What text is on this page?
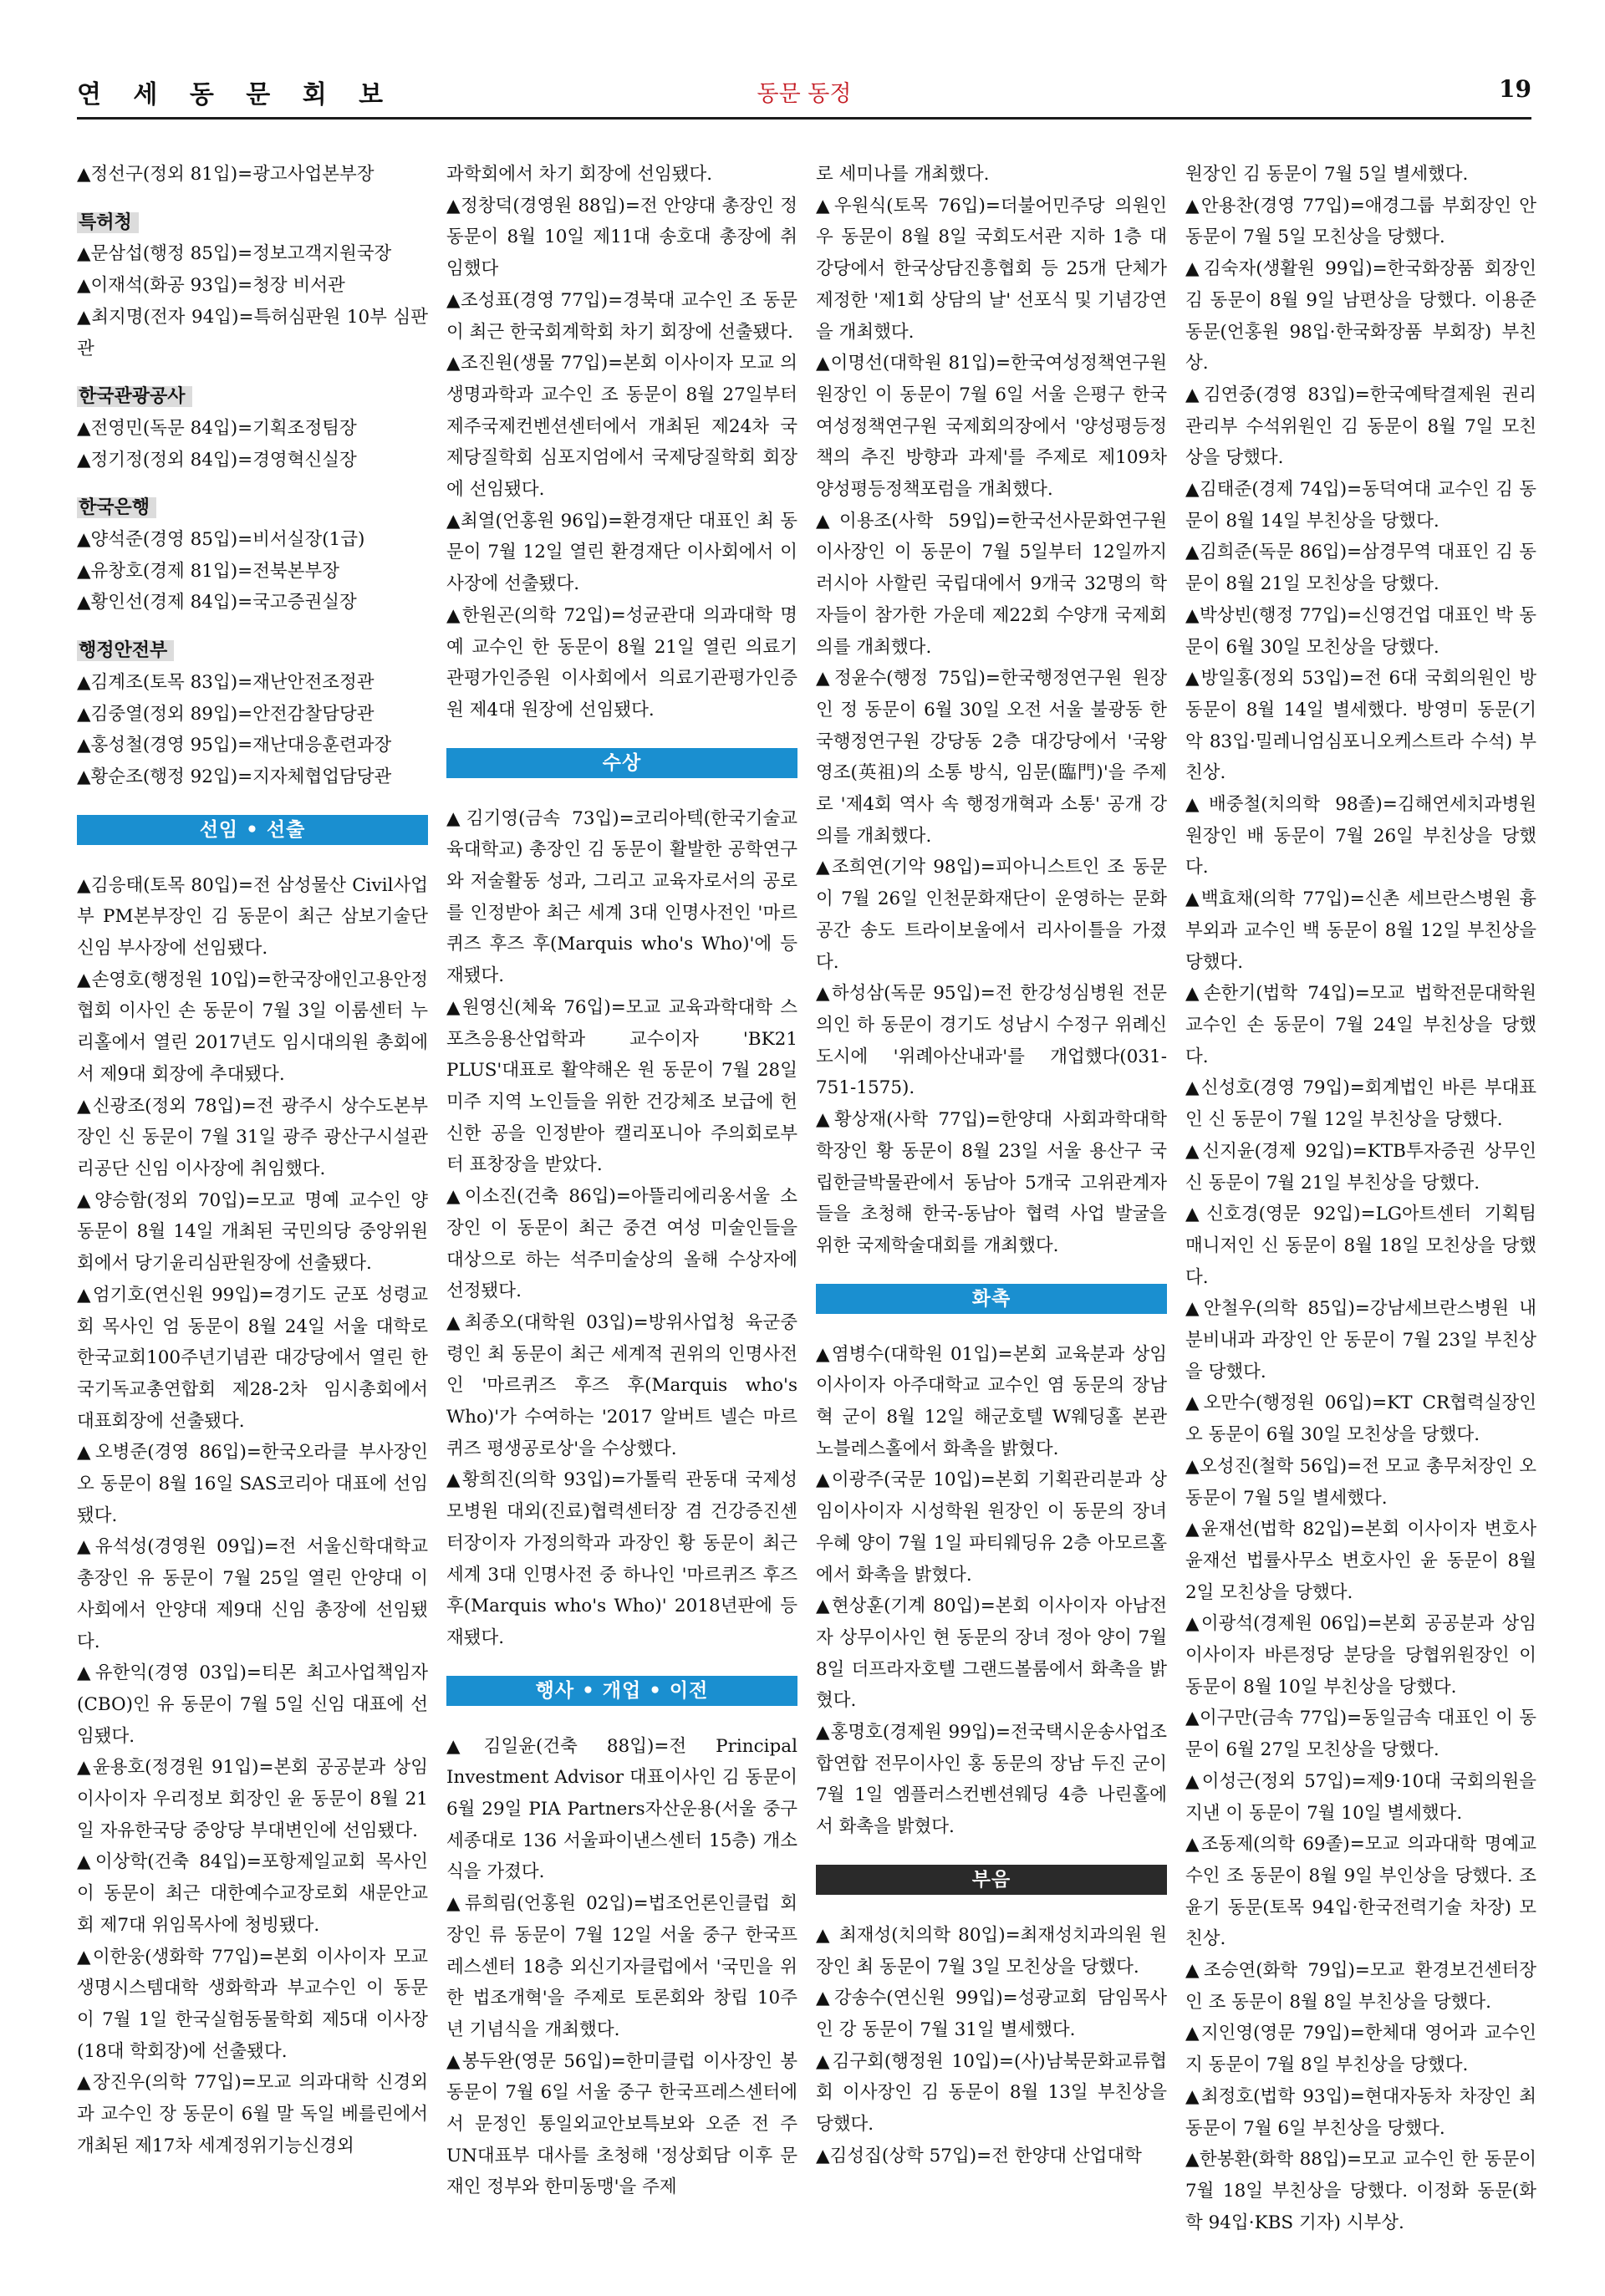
연 세 동 문 회 보	동문 동정	19

▲정선구(정외 81입)=광고사업본부장

특허청

▲문삼섭(행정 85입)=정보고객지원국장

▲이재석(화공 93입)=청장 비서관

▲최지명(전자 94입)=특허심판원 10부 심판관

한국관광공사

▲전영민(독문 84입)=기획조정팀장

▲정기정(정외 84입)=경영혁신실장

한국은행

▲양석준(경영 85입)=비서실장(1급)

▲유창호(경제 81입)=전북본부장

▲황인선(경제 84입)=국고증권실장

행정안전부

▲김계조(토목 83입)=재난안전조정관

▲김중열(정외 89입)=안전감찰담당관

▲홍성철(경영 95입)=재난대응훈련과장

▲황순조(행정 92입)=지자체협업담당관

선임 • 선출

▲김응태(토목 80입)=전 삼성물산 Civil사업부 PM본부장인 김 동문이 최근 삼보기술단 신임 부사장에 선임됐다.

▲손영호(행정원 10입)=한국장애인고용안정협회 이사인 손 동문이 7월 3일 이룸센터 누리홀에서 열린 2017년도 임시대의원 총회에서 제9대 회장에 추대됐다.

▲신광조(정외 78입)=전 광주시 상수도본부장인 신 동문이 7월 31일 광주 광산구시설관리공단 신임 이사장에 취임했다.

▲양승함(정외 70입)=모교 명예 교수인 양 동문이 8월 14일 개최된 국민의당 중앙위원회에서 당기윤리심판원장에 선출됐다.

▲엄기호(연신원 99입)=경기도 군포 성령교회 목사인 엄 동문이 8월 24일 서울 대학로 한국교회100주년기념관 대강당에서 열린 한국기독교총연합회 제28-2차 임시총회에서 대표회장에 선출됐다.

▲오병준(경영 86입)=한국오라클 부사장인 오 동문이 8월 16일 SAS코리아 대표에 선임됐다.

▲유석성(경영원 09입)=전 서울신학대학교 총장인 유 동문이 7월 25일 열린 안양대 이사회에서 안양대 제9대 신임 총장에 선임됐다.

▲유한익(경영 03입)=티몬 최고사업책임자(CBO)인 유 동문이 7월 5일 신임 대표에 선임됐다.

▲윤용호(정경원 91입)=본회 공공분과 상임이사이자 우리정보 회장인 윤 동문이 8월 21일 자유한국당 중앙당 부대변인에 선임됐다.

▲이상학(건축 84입)=포항제일교회 목사인 이 동문이 최근 대한예수교장로회 새문안교회 제7대 위임목사에 청빙됐다.

▲이한웅(생화학 77입)=본회 이사이자 모교 생명시스템대학 생화학과 부교수인 이 동문이 7월 1일 한국실험동물학회 제5대 이사장(18대 학회장)에 선출됐다.

▲장진우(의학 77입)=모교 의과대학 신경외과 교수인 장 동문이 6월 말 독일 베를린에서 개최된 제17차 세계정위기능신경외

과학회에서 차기 회장에 선임됐다.

▲정창덕(경영원 88입)=전 안양대 총장인 정 동문이 8월 10일 제11대 송호대 총장에 취임했다

▲조성표(경영 77입)=경북대 교수인 조 동문이 최근 한국회계학회 차기 회장에 선출됐다.

▲조진원(생물 77입)=본회 이사이자 모교 의생명과학과 교수인 조 동문이 8월 27일부터 제주국제컨벤션센터에서 개최된 제24차 국제당질학회 심포지엄에서 국제당질학회 회장에 선임됐다.

▲최열(언홍원 96입)=환경재단 대표인 최 동문이 7월 12일 열린 환경재단 이사회에서 이사장에 선출됐다.

▲한원곤(의학 72입)=성균관대 의과대학 명예 교수인 한 동문이 8월 21일 열린 의료기관평가인증원 이사회에서 의료기관평가인증원 제4대 원장에 선임됐다.

수상

▲김기영(금속 73입)=코리아텍(한국기술교육대학교) 총장인 김 동문이 활발한 공학연구와 저술활동 성과, 그리고 교육자로서의 공로를 인정받아 최근 세계 3대 인명사전인 '마르퀴즈 후즈 후(Marquis who's Who)'에 등재됐다.

▲원영신(체육 76입)=모교 교육과학대학 스포츠응용산업학과 교수이자 'BK21 PLUS'대표로 활약해온 원 동문이 7월 28일 미주 지역 노인들을 위한 건강체조 보급에 헌신한 공을 인정받아 캘리포니아 주의회로부터 표창장을 받았다.

▲이소진(건축 86입)=아뜰리에리옹서울 소장인 이 동문이 최근 중견 여성 미술인들을 대상으로 하는 석주미술상의 올해 수상자에 선정됐다.

▲최종오(대학원 03입)=방위사업청 육군중령인 최 동문이 최근 세계적 권위의 인명사전인 '마르퀴즈 후즈 후(Marquis who's Who)'가 수여하는 '2017 알버트 넬슨 마르퀴즈 평생공로상'을 수상했다.

▲황희진(의학 93입)=가톨릭 관동대 국제성모병원 대외(진료)협력센터장 겸 건강증진센터장이자 가정의학과 과장인 황 동문이 최근 세계 3대 인명사전 중 하나인 '마르퀴즈 후즈 후(Marquis who's Who)' 2018년판에 등재됐다.

행사 • 개업 • 이전

▲김일윤(건축 88입)=전 Principal Investment Advisor 대표이사인 김 동문이 6월 29일 PIA Partners자산운용(서울 중구 세종대로 136 서울파이낸스센터 15층) 개소식을 가졌다.

▲류희림(언홍원 02입)=법조언론인클럽 회장인 류 동문이 7월 12일 서울 중구 한국프레스센터 18층 외신기자클럽에서 '국민을 위한 법조개혁'을 주제로 토론회와 창립 10주년 기념식을 개최했다.

▲봉두완(영문 56입)=한미클럽 이사장인 봉 동문이 7월 6일 서울 중구 한국프레스센터에서 문정인 통일외교안보특보와 오준 전 주 UN대표부 대사를 초청해 '정상회담 이후 문재인 정부와 한미동맹'을 주제

로 세미나를 개최했다.

▲우원식(토목 76입)=더불어민주당 의원인 우 동문이 8월 8일 국회도서관 지하 1층 대강당에서 한국상담진흥협회 등 25개 단체가 제정한 '제1회 상담의 날' 선포식 및 기념강연을 개최했다.

▲이명선(대학원 81입)=한국여성정책연구원 원장인 이 동문이 7월 6일 서울 은평구 한국여성정책연구원 국제회의장에서 '양성평등정책의 추진 방향과 과제'를 주제로 제109차 양성평등정책포럼을 개최했다.

▲이용조(사학 59입)=한국선사문화연구원 이사장인 이 동문이 7월 5일부터 12일까지 러시아 사할린 국립대에서 9개국 32명의 학자들이 참가한 가운데 제22회 수양개 국제회의를 개최했다.

▲정윤수(행정 75입)=한국행정연구원 원장인 정 동문이 6월 30일 오전 서울 불광동 한국행정연구원 강당동 2층 대강당에서 '국왕 영조(英祖)의 소통 방식, 임문(臨門)'을 주제로 '제4회 역사 속 행정개혁과 소통' 공개 강의를 개최했다.

▲조희연(기악 98입)=피아니스트인 조 동문이 7월 26일 인천문화재단이 운영하는 문화공간 송도 트라이보울에서 리사이틀을 가졌다.

▲하성삼(독문 95입)=전 한강성심병원 전문의인 하 동문이 경기도 성남시 수정구 위례신도시에 '위례아산내과'를 개업했다(031-751-1575).

▲황상재(사학 77입)=한양대 사회과학대학 학장인 황 동문이 8월 23일 서울 용산구 국립한글박물관에서 동남아 5개국 고위관계자들을 초청해 한국-동남아 협력 사업 발굴을 위한 국제학술대회를 개최했다.

화촉

▲염병수(대학원 01입)=본회 교육분과 상임이사이자 아주대학교 교수인 염 동문의 장남 혁 군이 8월 12일 해군호텔 W웨딩홀 본관 노블레스홀에서 화촉을 밝혔다.

▲이광주(국문 10입)=본회 기획관리분과 상임이사이자 시성학원 원장인 이 동문의 장녀 우혜 양이 7월 1일 파티웨딩유 2층 아모르홀에서 화촉을 밝혔다.

▲현상훈(기계 80입)=본회 이사이자 아남전자 상무이사인 현 동문의 장녀 정아 양이 7월 8일 더프라자호텔 그랜드볼룸에서 화촉을 밝혔다.

▲홍명호(경제원 99입)=전국택시운송사업조합연합 전무이사인 홍 동문의 장남 두진 군이 7월 1일 엠플러스컨벤션웨딩 4층 나린홀에서 화촉을 밝혔다.

부음

▲ 최재성(치의학 80입)=최재성치과의원 원장인 최 동문이 7월 3일 모친상을 당했다.

▲강송수(연신원 99입)=성광교회 담임목사인 강 동문이 7월 31일 별세했다.

▲김구회(행정원 10입)=(사)남북문화교류협회 이사장인 김 동문이 8월 13일 부친상을 당했다.

▲김성집(상학 57입)=전 한양대 산업대학

원장인 김 동문이 7월 5일 별세했다.

▲안용찬(경영 77입)=애경그룹 부회장인 안 동문이 7월 5일 모친상을 당했다.

▲김숙자(생활원 99입)=한국화장품 회장인 김 동문이 8월 9일 남편상을 당했다. 이용준 동문(언홍원 98입·한국화장품 부회장) 부친상.

▲김연중(경영 83입)=한국예탁결제원 권리관리부 수석위원인 김 동문이 8월 7일 모친상을 당했다.

▲김태준(경제 74입)=동덕여대 교수인 김 동문이 8월 14일 부친상을 당했다.

▲김희준(독문 86입)=삼경무역 대표인 김 동문이 8월 21일 모친상을 당했다.

▲박상빈(행정 77입)=신영건업 대표인 박 동문이 6월 30일 모친상을 당했다.

▲방일홍(정외 53입)=전 6대 국회의원인 방 동문이 8월 14일 별세했다. 방영미 동문(기악 83입·밀레니엄심포니오케스트라 수석) 부친상.

▲배중철(치의학 98졸)=김해연세치과병원 원장인 배 동문이 7월 26일 부친상을 당했다.

▲백효채(의학 77입)=신촌 세브란스병원 흉부외과 교수인 백 동문이 8월 12일 부친상을 당했다.

▲손한기(법학 74입)=모교 법학전문대학원 교수인 손 동문이 7월 24일 부친상을 당했다.

▲신성호(경영 79입)=회계법인 바른 부대표인 신 동문이 7월 12일 부친상을 당했다.

▲신지윤(경제 92입)=KTB투자증권 상무인 신 동문이 7월 21일 부친상을 당했다.

▲신호경(영문 92입)=LG아트센터 기획팀 매니저인 신 동문이 8월 18일 모친상을 당했다.

▲안철우(의학 85입)=강남세브란스병원 내분비내과 과장인 안 동문이 7월 23일 부친상을 당했다.

▲오만수(행정원 06입)=KT CR협력실장인 오 동문이 6월 30일 모친상을 당했다.

▲오성진(철학 56입)=전 모교 총무처장인 오 동문이 7월 5일 별세했다.

▲윤재선(법학 82입)=본회 이사이자 변호사 윤재선 법률사무소 변호사인 윤 동문이 8월 2일 모친상을 당했다.

▲이광석(경제원 06입)=본회 공공분과 상임이사이자 바른정당 분당을 당협위원장인 이 동문이 8월 10일 부친상을 당했다.

▲이구만(금속 77입)=동일금속 대표인 이 동문이 6월 27일 모친상을 당했다.

▲이성근(정외 57입)=제9·10대 국회의원을 지낸 이 동문이 7월 10일 별세했다.

▲조동제(의학 69졸)=모교 의과대학 명예교수인 조 동문이 8월 9일 부인상을 당했다. 조윤기 동문(토목 94입·한국전력기술 차장) 모친상.

▲조승연(화학 79입)=모교 환경보건센터장인 조 동문이 8월 8일 부친상을 당했다.

▲지인영(영문 79입)=한체대 영어과 교수인 지 동문이 7월 8일 부친상을 당했다.

▲최정호(법학 93입)=현대자동차 차장인 최 동문이 7월 6일 부친상을 당했다.

▲한봉환(화학 88입)=모교 교수인 한 동문이 7월 18일 부친상을 당했다. 이정화 동문(화학 94입·KBS 기자) 시부상.
